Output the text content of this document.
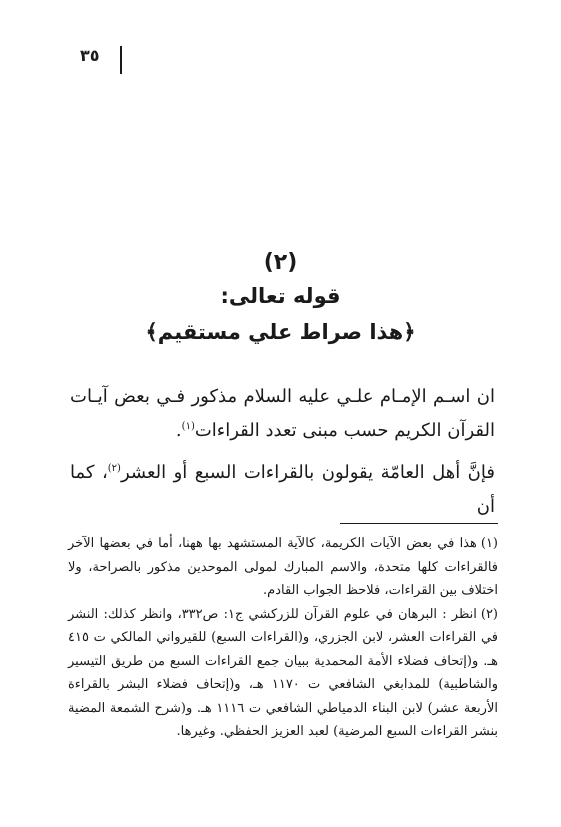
٣٥
(٢)
قوله تعالى:
﴿هذا صراط علي مستقيم﴾

ان اسـم الإمـام علـي عليه السلام مذكور فـي بعض آيـات القرآن الكريم حسب مبنى تعدد القراءات$^{(١)}$.

فإنَّ أهل العامّة يقولون بالقراءات السبع أو العشر$^{(٢)}$، كما أن

(١)هذا في بعض الآيات الكريمة، كالآية المستشهد بها ههنا، أما في بعضها الآخر فالقراءات كلها متحدة، والاسم المبارك لمولى الموحدين مذكور بالصراحة، ولا اختلاف بين القراءات، فلاحظ الجواب القادم.

(٢)انظر : البرهان في علوم القرآن للزركشي ج١: ص٣٣٢، وانظر كذلك: النشر في القراءات العشر، لابن الجزري، و(القراءات السبع) للقيرواني المالكي ت ٤١٥ هـ. و(إتحاف فضلاء الأمة المحمدية ببيان جمع القراءات السبع من طريق التيسير والشاطبية) للمدابغي الشافعي ت ١١٧٠ هـ، و(إتحاف فضلاء البشر بالقراءة الأربعة عشر) لابن البناء الدمياطي الشافعي ت ١١١٦ هـ. و(شرح الشمعة المضية بنشر القراءات السبع المرضية) لعبد العزيز الحفظي. وغيرها.
